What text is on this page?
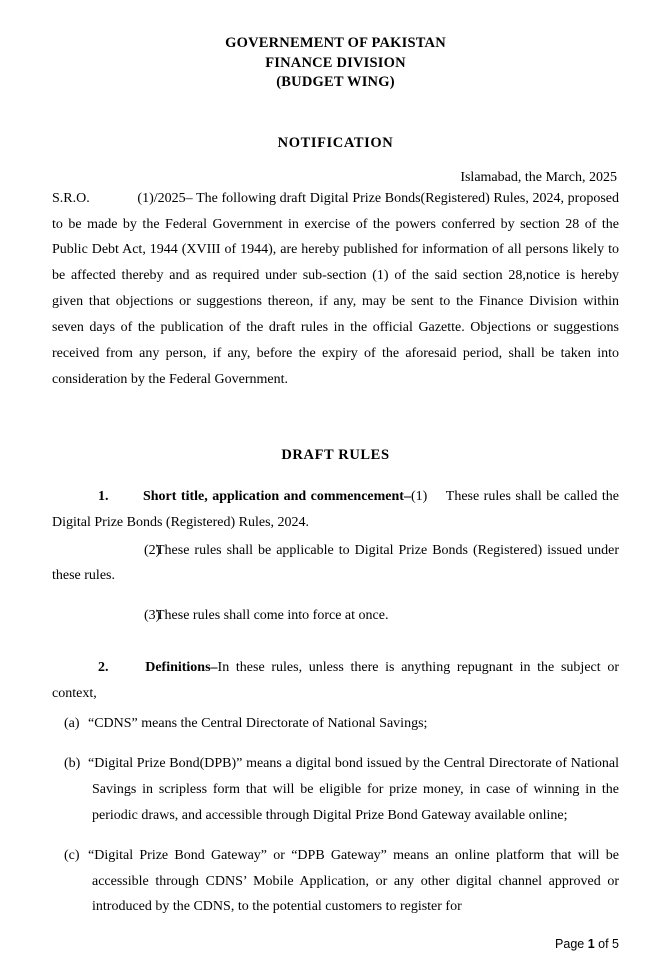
GOVERNEMENT OF PAKISTAN
FINANCE DIVISION
(BUDGET WING)
NOTIFICATION
Islamabad, the March, 2025

S.R.O.	(1)/2025– The following draft Digital Prize Bonds(Registered) Rules, 2024, proposed to be made by the Federal Government in exercise of the powers conferred by section 28 of the Public Debt Act, 1944 (XVIII of 1944), are hereby published for information of all persons likely to be affected thereby and as required under sub-section (1) of the said section 28,notice is hereby given that objections or suggestions thereon, if any, may be sent to the Finance Division within seven days of the publication of the draft rules in the official Gazette. Objections or suggestions received from any person, if any, before the expiry of the aforesaid period, shall be taken into consideration by the Federal Government.

DRAFT RULES

1. Short title, application and commencement–(1) These rules shall be called the Digital Prize Bonds (Registered) Rules, 2024.

(2)These rules shall be applicable to Digital Prize Bonds (Registered) issued under these rules.

(3)These rules shall come into force at once.

2.	Definitions–In these rules, unless there is anything repugnant in the subject or context,

(a) “CDNS” means the Central Directorate of National Savings;

(b) “Digital Prize Bond(DPB)” means a digital bond issued by the Central Directorate of National Savings in scripless form that will be eligible for prize money, in case of winning in the periodic draws, and accessible through Digital Prize Bond Gateway available online;

(c) “Digital Prize Bond Gateway” or “DPB Gateway” means an online platform that will be accessible through CDNS’ Mobile Application, or any other digital channel approved or introduced by the CDNS, to the potential customers to register for

Page 1 of 5
